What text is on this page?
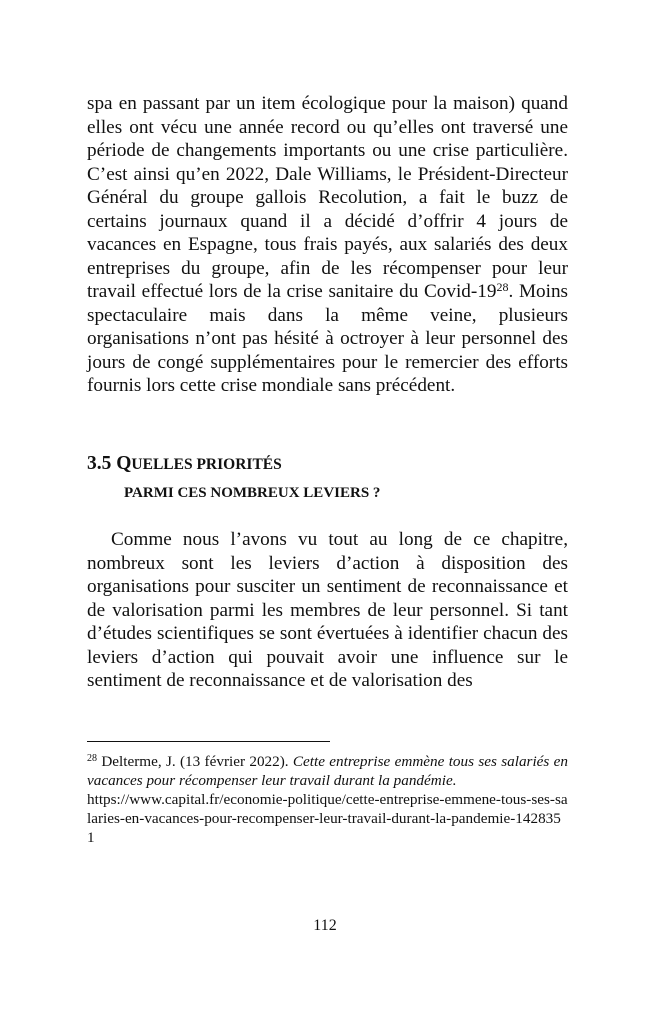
spa en passant par un item écologique pour la maison) quand elles ont vécu une année record ou qu’elles ont traversé une période de changements importants ou une crise particulière. C’est ainsi qu’en 2022, Dale Williams, le Président-Directeur Général du groupe gallois Recolution, a fait le buzz de certains journaux quand il a décidé d’offrir 4 jours de vacances en Espagne, tous frais payés, aux salariés des deux entreprises du groupe, afin de les récompenser pour leur travail effectué lors de la crise sanitaire du Covid-$19^{28}$. Moins spectaculaire mais dans la même veine, plusieurs organisations n’ont pas hésité à octroyer à leur personnel des jours de congé supplémentaires pour le remercier des efforts fournis lors cette crise mondiale sans précédent.

3.5 QUELLES PRIORITÉS
PARMI CES NOMBREUX LEVIERS ?

Comme nous l’avons vu tout au long de ce chapitre, nombreux sont les leviers d’action à disposition des organisations pour susciter un sentiment de reconnaissance et de valorisation parmi les membres de leur personnel. Si tant d’études scientifiques se sont évertuées à identifier chacun des leviers d’action qui pouvait avoir une influence sur le sentiment de reconnaissance et de valorisation des

$^{28}$ Delterme, J. (13 février 2022). Cette entreprise emmène tous ses salariés en vacances pour récompenser leur travail durant la pandémie.

https://www.capital.fr/economie-politique/cette-entreprise-emmene-tous-ses-salaries-en-vacances-pour-recompenser-leur-travail-durant-la-pandemie-1428351
112
